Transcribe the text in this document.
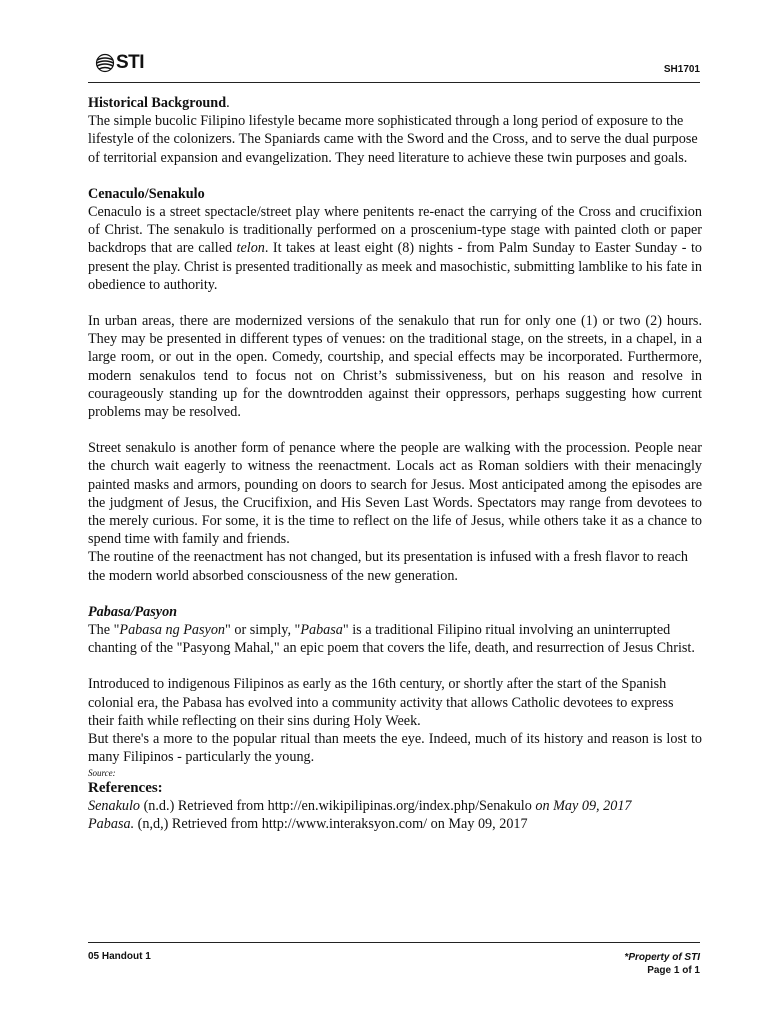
STI	SH1701

Historical Background.

The simple bucolic Filipino lifestyle became more sophisticated through a long period of exposure to the lifestyle of the colonizers. The Spaniards came with the Sword and the Cross, and to serve the dual purpose of territorial expansion and evangelization. They need literature to achieve these twin purposes and goals.

Cenaculo/Senakulo

Cenaculo is a street spectacle/street play where penitents re-enact the carrying of the Cross and crucifixion of Christ. The senakulo is traditionally performed on a proscenium-type stage with painted cloth or paper backdrops that are called telon. It takes at least eight (8) nights - from Palm Sunday to Easter Sunday - to present the play. Christ is presented traditionally as meek and masochistic, submitting lamblike to his fate in obedience to authority.

In urban areas, there are modernized versions of the senakulo that run for only one (1) or two (2) hours. They may be presented in different types of venues: on the traditional stage, on the streets, in a chapel, in a large room, or out in the open. Comedy, courtship, and special effects may be incorporated. Furthermore, modern senakulos tend to focus not on Christ’s submissiveness, but on his reason and resolve in courageously standing up for the downtrodden against their oppressors, perhaps suggesting how current problems may be resolved.

Street senakulo is another form of penance where the people are walking with the procession. People near the church wait eagerly to witness the reenactment. Locals act as Roman soldiers with their menacingly painted masks and armors, pounding on doors to search for Jesus. Most anticipated among the episodes are the judgment of Jesus, the Crucifixion, and His Seven Last Words. Spectators may range from devotees to the merely curious. For some, it is the time to reflect on the life of Jesus, while others take it as a chance to spend time with family and friends.

The routine of the reenactment has not changed, but its presentation is infused with a fresh flavor to reach the modern world absorbed consciousness of the new generation.

Pabasa/Pasyon

The "Pabasa ng Pasyon" or simply, "Pabasa" is a traditional Filipino ritual involving an uninterrupted chanting of the "Pasyong Mahal," an epic poem that covers the life, death, and resurrection of Jesus Christ.

Introduced to indigenous Filipinos as early as the 16th century, or shortly after the start of the Spanish colonial era, the Pabasa has evolved into a community activity that allows Catholic devotees to express their faith while reflecting on their sins during Holy Week.

But there's a more to the popular ritual than meets the eye. Indeed, much of its history and reason is lost to many Filipinos - particularly the young.

Source:

References:

Senakulo (n.d.) Retrieved from http://en.wikipilipinas.org/index.php/Senakulo on May 09, 2017

Pabasa. (n,d,) Retrieved from http://www.interaksyon.com/ on May 09, 2017

05 Handout 1	*Property of STI
Page 1 of 1
